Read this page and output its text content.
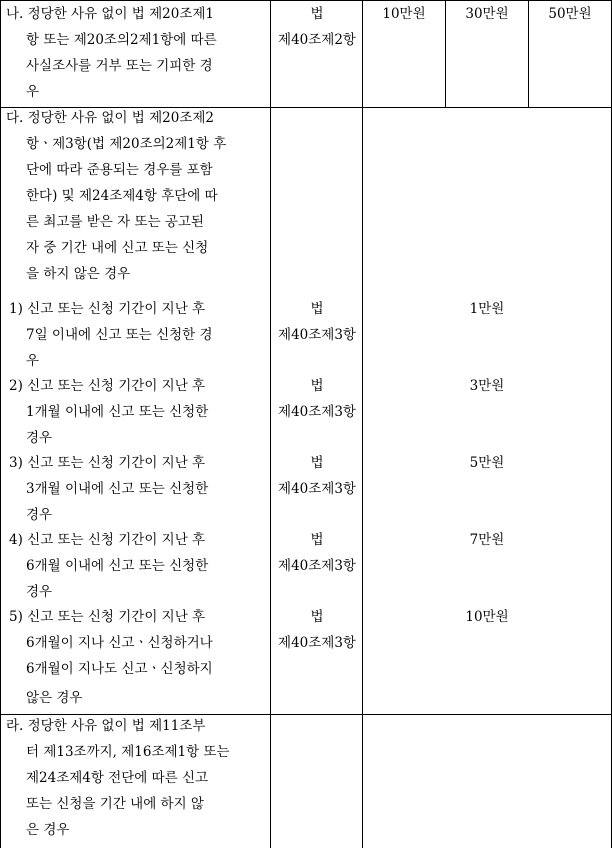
나. 정당한 사유 없이 법 제20조제1
항 또는 제20조의2제1항에 따른
사실조사를 거부 또는 기피한 경
우
법
제40조제2항
10만원	30만원	50만원
다. 정당한 사유 없이 법 제20조제2
항ㆍ제3항(법 제20조의2제1항 후
단에 따라 준용되는 경우를 포함
한다) 및 제24조제4항 후단에 따
른 최고를 받은 자 또는 공고된
자 중 기간 내에 신고 또는 신청
을 하지 않은 경우
1) 신고 또는 신청 기간이 지난 후
7일 이내에 신고 또는 신청한 경
우
법
제40조제3항
1만원
2) 신고 또는 신청 기간이 지난 후
1개월 이내에 신고 또는 신청한
경우
법
제40조제3항
3만원
3) 신고 또는 신청 기간이 지난 후
3개월 이내에 신고 또는 신청한
경우
법
제40조제3항
5만원
4) 신고 또는 신청 기간이 지난 후
6개월 이내에 신고 또는 신청한
경우
법
제40조제3항
7만원
5) 신고 또는 신청 기간이 지난 후
6개월이 지나 신고ㆍ신청하거나
6개월이 지나도 신고ㆍ신청하지
않은 경우
법
제40조제3항
10만원
라. 정당한 사유 없이 법 제11조부
터 제13조까지, 제16조제1항 또는
제24조제4항 전단에 따른 신고
또는 신청을 기간 내에 하지 않
은 경우
